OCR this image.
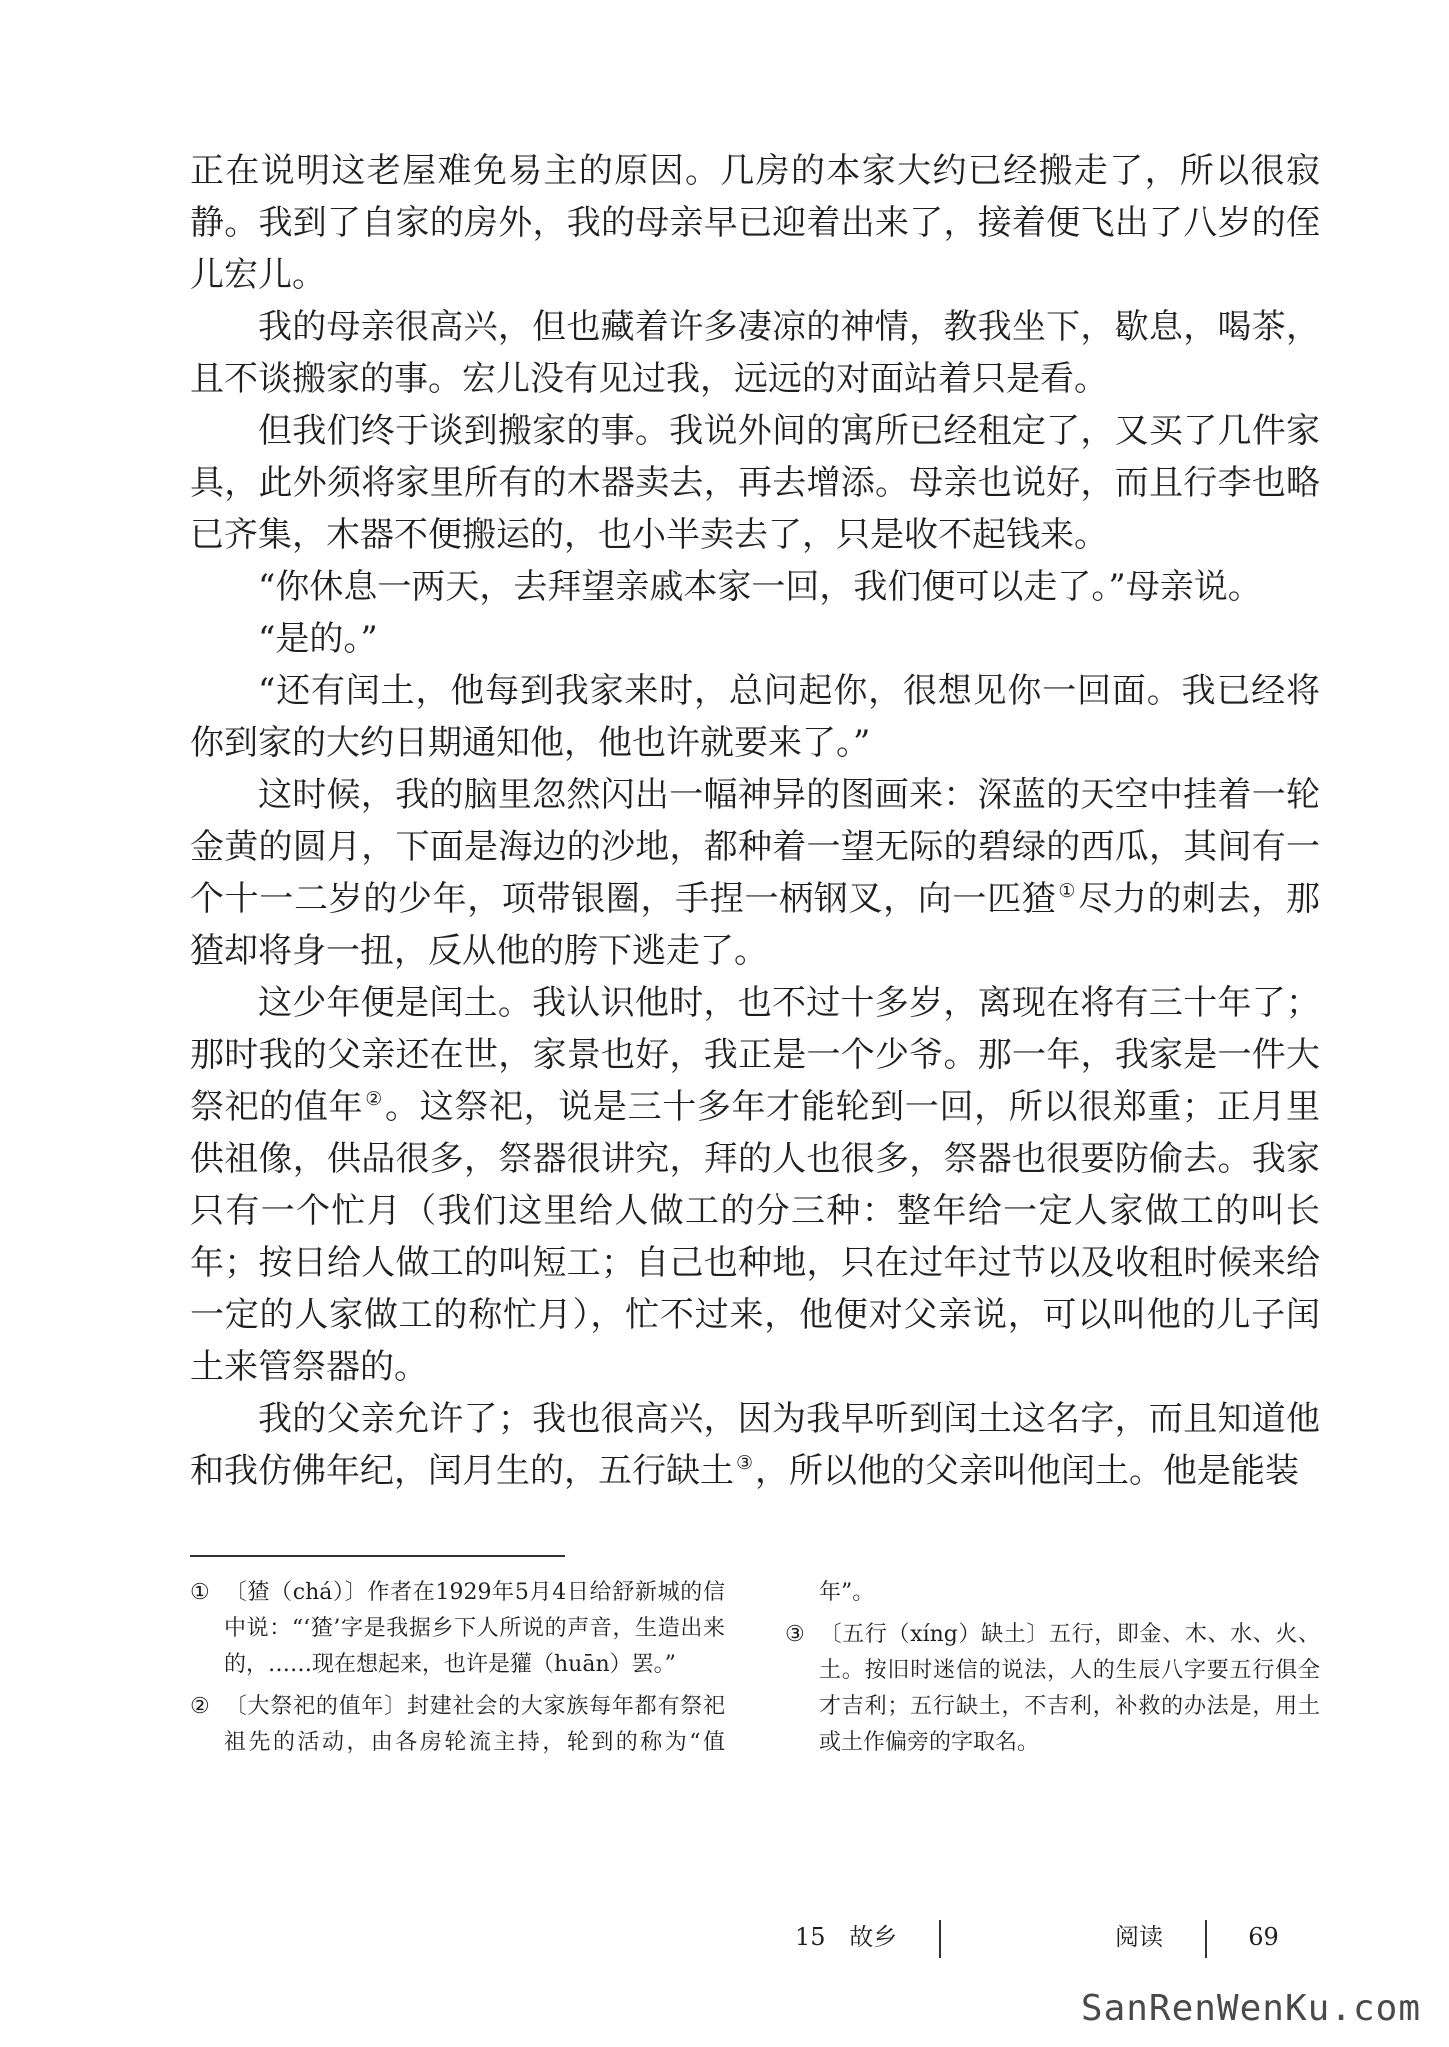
正在说明这老屋难免易主的原因。几房的本家大约已经搬走了，所以很寂静。我到了自家的房外，我的母亲早已迎着出来了，接着便飞出了八岁的侄儿宏儿。

我的母亲很高兴，但也藏着许多凄凉的神情，教我坐下，歇息，喝茶，且不谈搬家的事。宏儿没有见过我，远远的对面站着只是看。

但我们终于谈到搬家的事。我说外间的寓所已经租定了，又买了几件家具，此外须将家里所有的木器卖去，再去增添。母亲也说好，而且行李也略已齐集，木器不便搬运的，也小半卖去了，只是收不起钱来。

“你休息一两天，去拜望亲戚本家一回，我们便可以走了。”母亲说。

“是的。”

“还有闰土，他每到我家来时，总问起你，很想见你一回面。我已经将你到家的大约日期通知他，他也许就要来了。”

这时候，我的脑里忽然闪出一幅神异的图画来：深蓝的天空中挂着一轮金黄的圆月，下面是海边的沙地，都种着一望无际的碧绿的西瓜，其间有一个十一二岁的少年，项带银圈，手捏一柄钢叉，向一匹猹 ①尽力的刺去，那猹却将身一扭，反从他的胯下逃走了。

这少年便是闰土。我认识他时，也不过十多岁，离现在将有三十年了；那时我的父亲还在世，家景也好，我正是一个少爷。那一年，我家是一件大祭祀的值年 ②。这祭祀，说是三十多年才能轮到一回，所以很郑重；正月里供祖像，供品很多，祭器很讲究，拜的人也很多，祭器也很要防偷去。我家只有一个忙月（我们这里给人做工的分三种：整年给一定人家做工的叫长年；按日给人做工的叫短工；自己也种地，只在过年过节以及收租时候来给一定的人家做工的称忙月），忙不过来，他便对父亲说，可以叫他的儿子闰土来管祭器的。

我的父亲允许了；我也很高兴，因为我早听到闰土这名字，而且知道他和我仿佛年纪，闰月生的，五行缺土 ③，所以他的父亲叫他闰土。他是能装

① 〔猹（chá）〕作者在1929年5月4日给舒新城的信中说：“‘猹’字是我据乡下人所说的声音，生造出来的，……现在想起来，也许是獾（huān）罢。”

② 〔大祭祀的值年〕封建社会的大家族每年都有祭祀祖先的活动，由各房轮流主持，轮到的称为“值年”。

③ 〔五行（xíng）缺土〕五行，即金、木、水、火、土。按旧时迷信的说法，人的生辰八字要五行俱全才吉利；五行缺土，不吉利，补救的办法是，用土或土作偏旁的字取名。

15 故乡	阅读	69
SanRenWenKu.com
